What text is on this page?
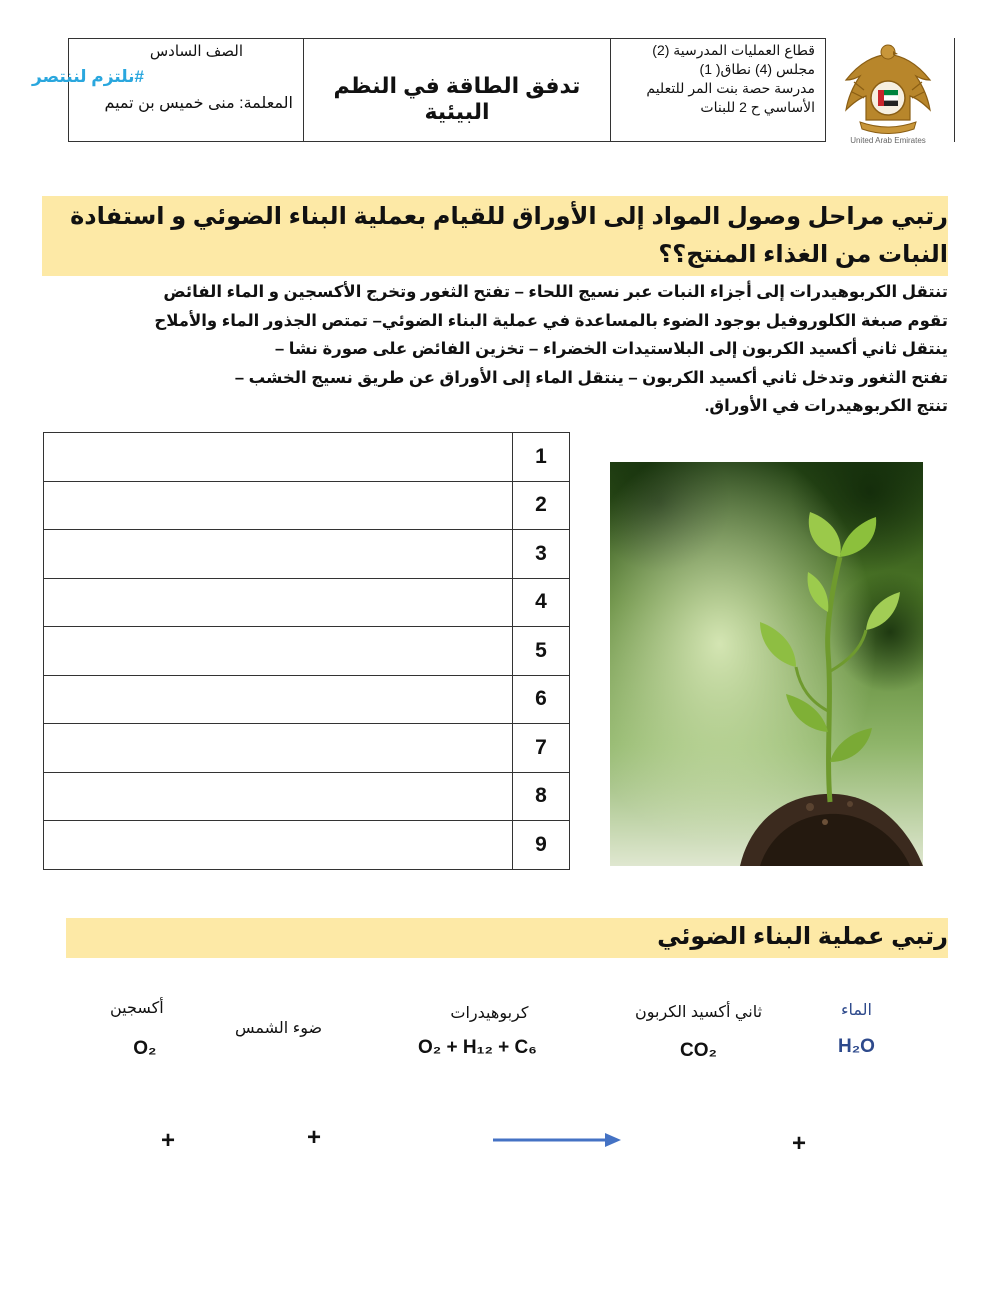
الصف السادس
المعلمة: منى خميس بن تميم
تدفق الطاقة في النظم البيئية
قطاع العمليات المدرسية (2)
مجلس (4) نطاق( 1)
مدرسة حصة بنت المر للتعليم
الأساسي ح 2 للبنات
#نلتزم لننتصر
United Arab Emirates
رتبي مراحل وصول المواد إلى الأوراق للقيام بعملية البناء الضوئي و استفادة النبات من الغذاء المنتج؟؟
تنتقل الكربوهيدرات إلى أجزاء النبات عبر نسيج اللحاء – تفتح الثغور وتخرج الأكسجين و الماء الفائض
تقوم صبغة الكلوروفيل بوجود الضوء بالمساعدة في عملية البناء الضوئي– تمتص الجذور الماء والأملاح
ينتقل ثاني أكسيد الكربون إلى البلاستيدات الخضراء – تخزين الفائض على صورة نشا –
تفتح الثغور وتدخل ثاني أكسيد الكربون – ينتقل الماء إلى الأوراق عن طريق نسيج الخشب –
تنتج الكربوهيدرات في الأوراق.
	1
	2
	3
	4
	5
	6
	7
	8
	9
رتبي عملية البناء الضوئي
الماء
H₂O
ثاني أكسيد الكربون
CO₂
كربوهيدرات
O₂ + H₁₂ + C₆
ضوء الشمس
أكسجين
O₂
+	+	+
